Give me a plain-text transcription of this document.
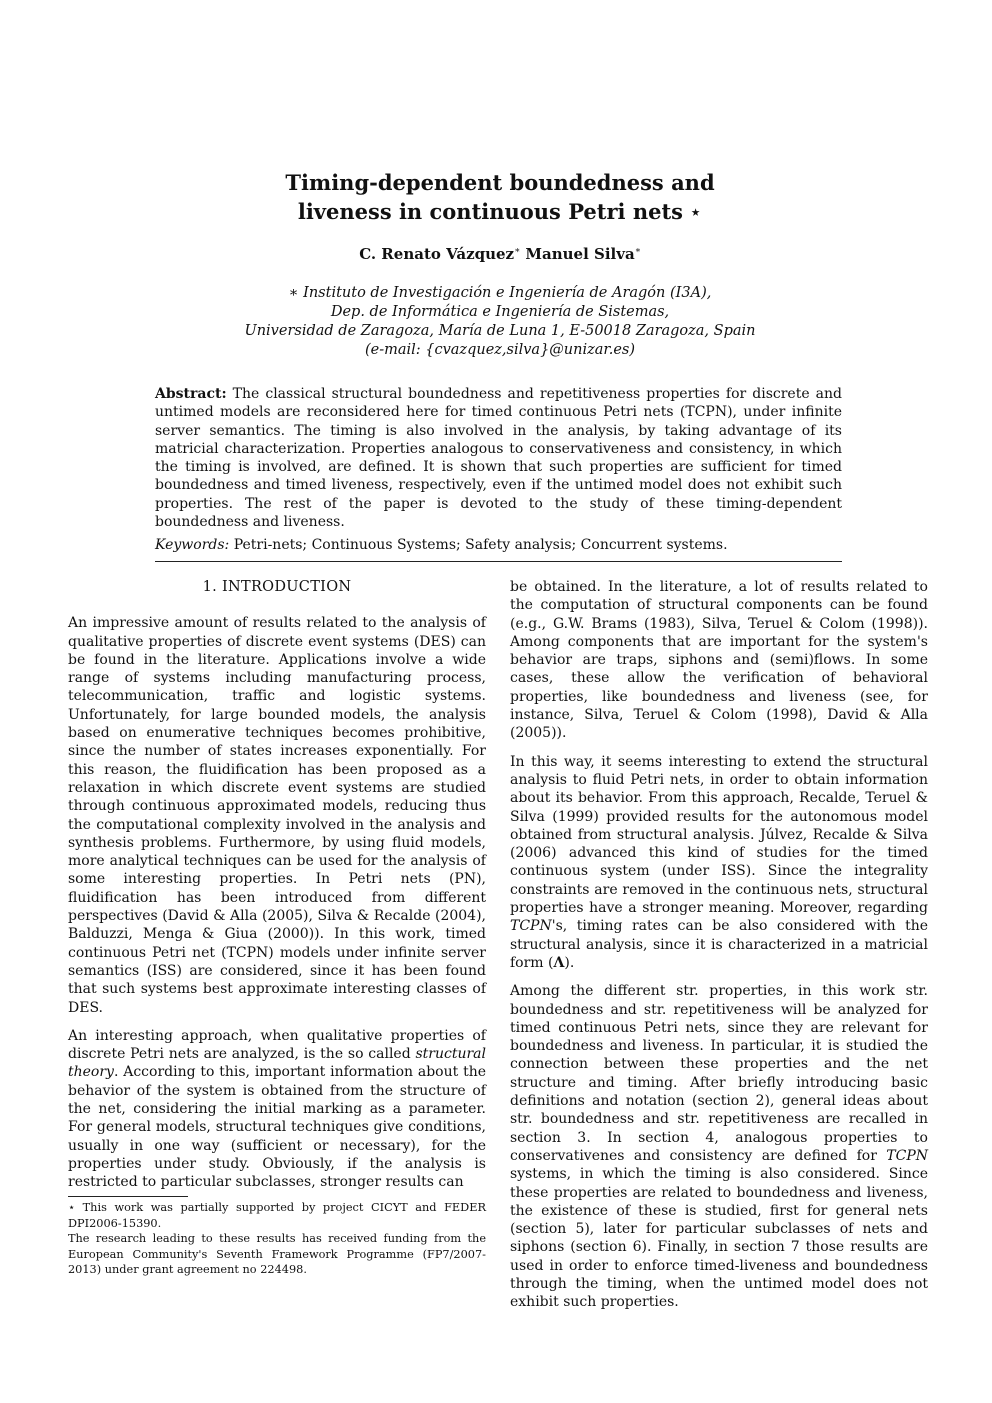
Timing-dependent boundedness and
liveness in continuous Petri nets ⋆
C. Renato Vázquez∗ Manuel Silva∗
∗ Instituto de Investigación e Ingeniería de Aragón (I3A),
Dep. de Informática e Ingeniería de Sistemas,
Universidad de Zaragoza, María de Luna 1, E-50018 Zaragoza, Spain
(e-mail: {cvazquez,silva}@unizar.es)
Abstract: The classical structural boundedness and repetitiveness properties for discrete and untimed models are reconsidered here for timed continuous Petri nets (TCPN), under infinite server semantics. The timing is also involved in the analysis, by taking advantage of its matricial characterization. Properties analogous to conservativeness and consistency, in which the timing is involved, are defined. It is shown that such properties are sufficient for timed boundedness and timed liveness, respectively, even if the untimed model does not exhibit such properties. The rest of the paper is devoted to the study of these timing-dependent boundedness and liveness.
Keywords: Petri-nets; Continuous Systems; Safety analysis; Concurrent systems.
1. INTRODUCTION

An impressive amount of results related to the analysis of qualitative properties of discrete event systems (DES) can be found in the literature. Applications involve a wide range of systems including manufacturing process, telecommunication, traffic and logistic systems. Unfortunately, for large bounded models, the analysis based on enumerative techniques becomes prohibitive, since the number of states increases exponentially. For this reason, the fluidification has been proposed as a relaxation in which discrete event systems are studied through continuous approximated models, reducing thus the computational complexity involved in the analysis and synthesis problems. Furthermore, by using fluid models, more analytical techniques can be used for the analysis of some interesting properties. In Petri nets (PN), fluidification has been introduced from different perspectives (David & Alla (2005), Silva & Recalde (2004), Balduzzi, Menga & Giua (2000)). In this work, timed continuous Petri net (TCPN) models under infinite server semantics (ISS) are considered, since it has been found that such systems best approximate interesting classes of DES.

An interesting approach, when qualitative properties of discrete Petri nets are analyzed, is the so called structural theory. According to this, important information about the behavior of the system is obtained from the structure of the net, considering the initial marking as a parameter. For general models, structural techniques give conditions, usually in one way (sufficient or necessary), for the properties under study. Obviously, if the analysis is restricted to particular subclasses, stronger results can

be obtained. In the literature, a lot of results related to the computation of structural components can be found (e.g., G.W. Brams (1983), Silva, Teruel & Colom (1998)). Among components that are important for the system's behavior are traps, siphons and (semi)flows. In some cases, these allow the verification of behavioral properties, like boundedness and liveness (see, for instance, Silva, Teruel & Colom (1998), David & Alla (2005)).

In this way, it seems interesting to extend the structural analysis to fluid Petri nets, in order to obtain information about its behavior. From this approach, Recalde, Teruel & Silva (1999) provided results for the autonomous model obtained from structural analysis. Júlvez, Recalde & Silva (2006) advanced this kind of studies for the timed continuous system (under ISS). Since the integrality constraints are removed in the continuous nets, structural properties have a stronger meaning. Moreover, regarding TCPN's, timing rates can be also considered with the structural analysis, since it is characterized in a matricial form (Λ).

Among the different str. properties, in this work str. boundedness and str. repetitiveness will be analyzed for timed continuous Petri nets, since they are relevant for boundedness and liveness. In particular, it is studied the connection between these properties and the net structure and timing. After briefly introducing basic definitions and notation (section 2), general ideas about str. boundedness and str. repetitiveness are recalled in section 3. In section 4, analogous properties to conservativenes and consistency are defined for TCPN systems, in which the timing is also considered. Since these properties are related to boundedness and liveness, the existence of these is studied, first for general nets (section 5), later for particular subclasses of nets and siphons (section 6). Finally, in section 7 those results are used in order to enforce timed-liveness and boundedness through the timing, when the untimed model does not exhibit such properties.

⋆ This work was partially supported by project CICYT and FEDER DPI2006-15390.

The research leading to these results has received funding from the European Community's Seventh Framework Programme (FP7/2007-2013) under grant agreement no 224498.
